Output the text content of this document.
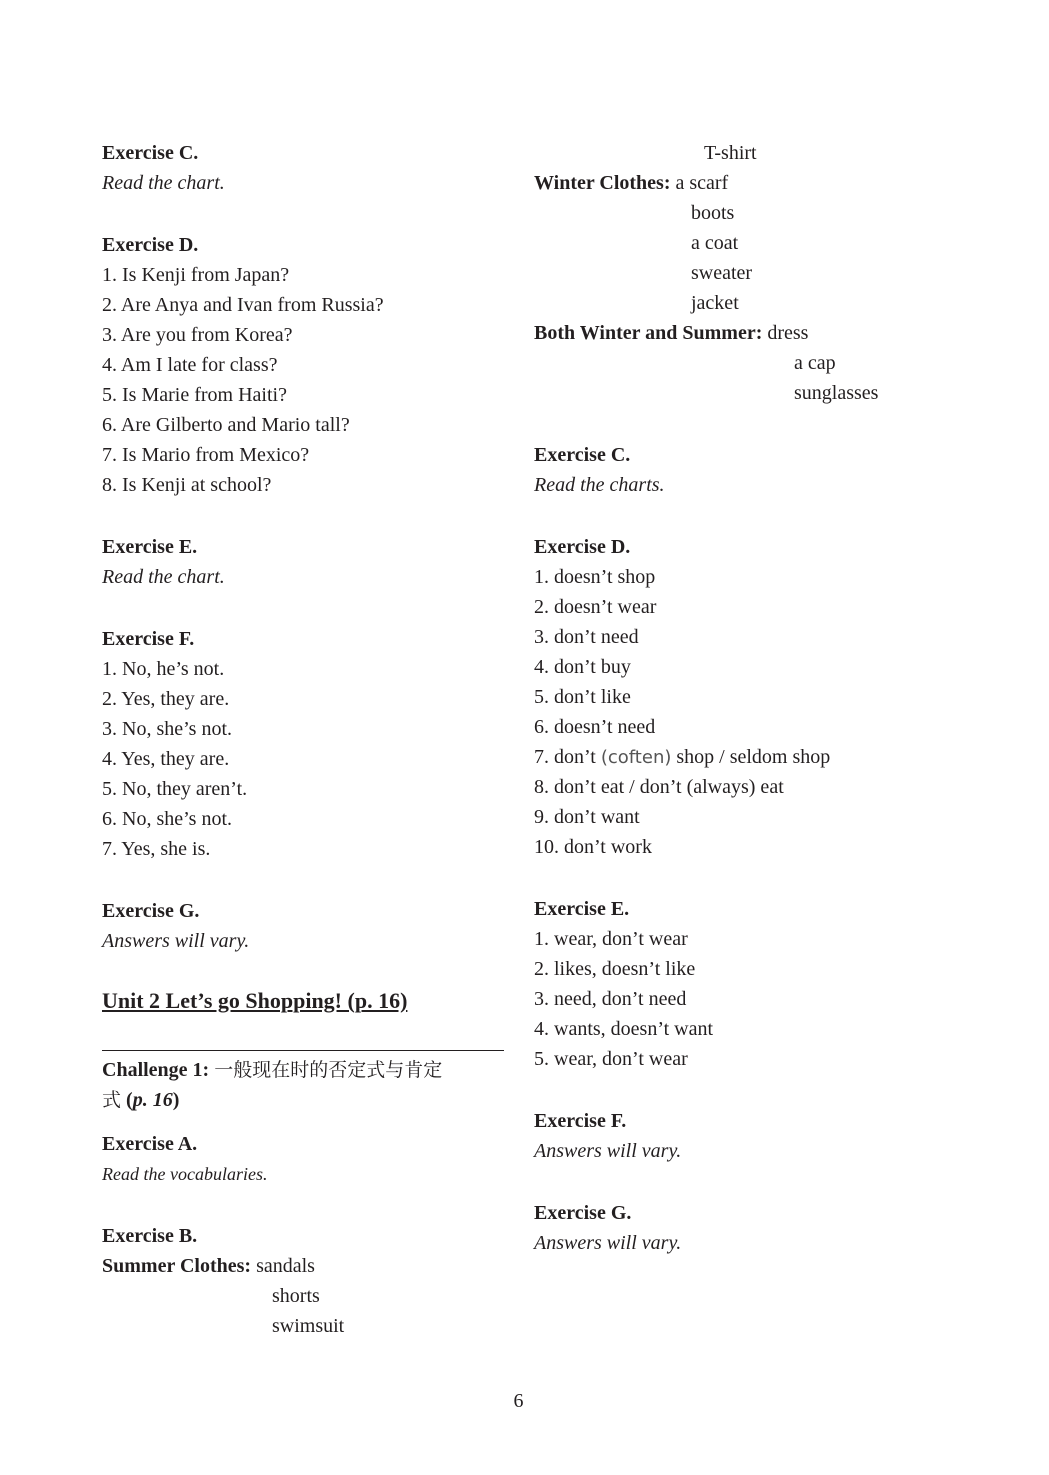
Exercise C.
Read the chart.
Exercise D.
1. Is Kenji from Japan?
2. Are Anya and Ivan from Russia?
3. Are you from Korea?
4. Am I late for class?
5. Is Marie from Haiti?
6. Are Gilberto and Mario tall?
7. Is Mario from Mexico?
8. Is Kenji at school?
Exercise E.
Read the chart.
Exercise F.
1. No, he’s not.
2. Yes, they are.
3. No, she’s not.
4. Yes, they are.
5. No, they aren’t.
6. No, she’s not.
7. Yes, she is.
Exercise G.
Answers will vary.
Unit 2 Let’s go Shopping! (p. 16)
Challenge 1: 一般现在时的否定式与肯定
式 (p. 16)
Exercise A.
Read the vocabularies.
Exercise B.
Summer Clothes: sandals
shorts
swimsuit
T-shirt
Winter Clothes: a scarf
boots
a coat
sweater
jacket
Both Winter and Summer: dress
a cap
sunglasses
Exercise C.
Read the charts.
Exercise D.
1. doesn’t shop
2. doesn’t wear
3. don’t need
4. don’t buy
5. don’t like
6. doesn’t need
7. don’t (coften) shop / seldom shop
8. don’t eat / don’t (always) eat
9. don’t want
10. don’t work
Exercise E.
1. wear, don’t wear
2. likes, doesn’t like
3. need, don’t need
4. wants, doesn’t want
5. wear, don’t wear
Exercise F.
Answers will vary.
Exercise G.
Answers will vary.
6
